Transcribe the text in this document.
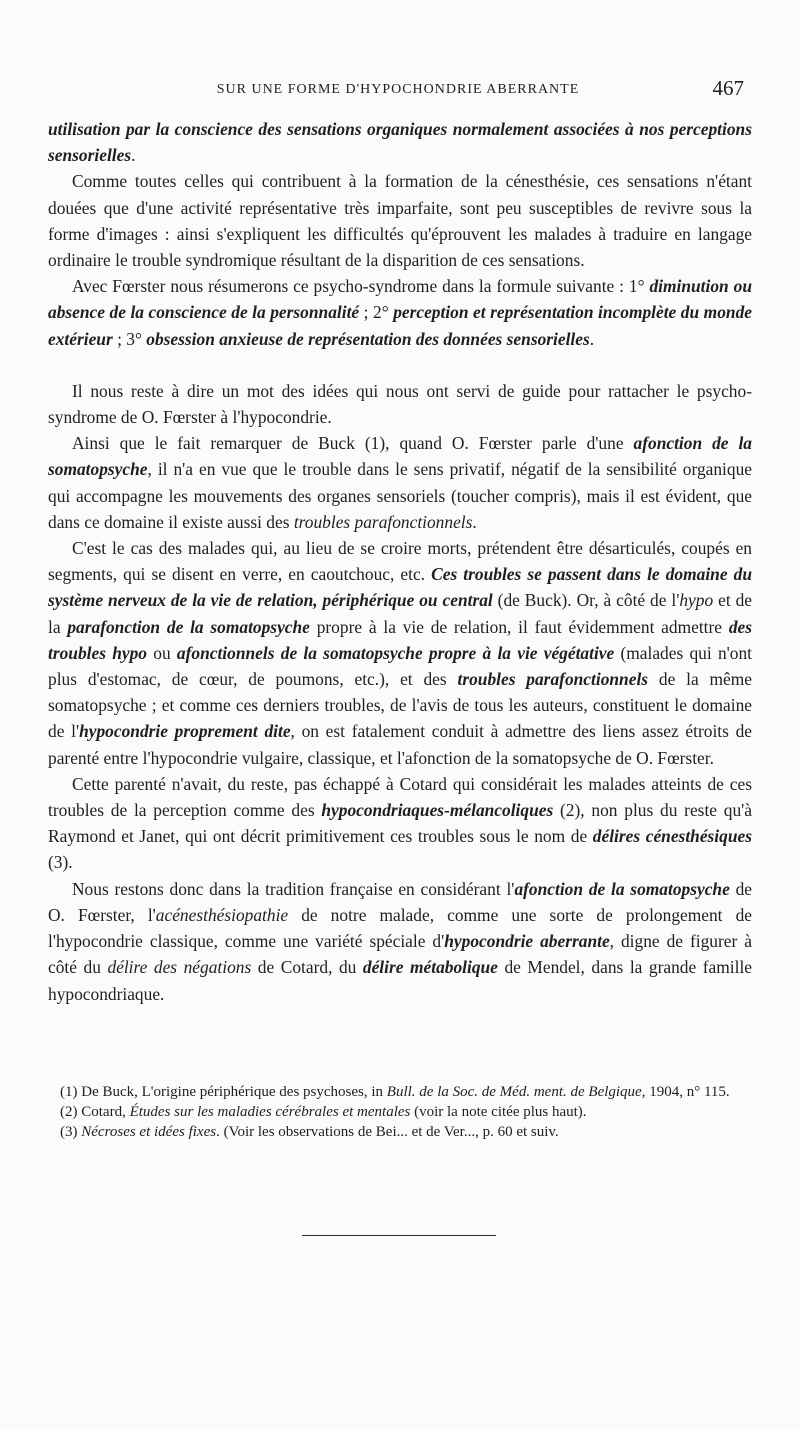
SUR UNE FORME D'HYPOCHONDRIE ABERRANTE	467

utilisation par la conscience des sensations organiques normalement associées à nos perceptions sensorielles.

Comme toutes celles qui contribuent à la formation de la cénesthésie, ces sensations n'étant douées que d'une activité représentative très imparfaite, sont peu susceptibles de revivre sous la forme d'images : ainsi s'expliquent les difficultés qu'éprouvent les malades à traduire en langage ordinaire le trouble syndromique résultant de la disparition de ces sensations.

Avec Fœrster nous résumerons ce psycho-syndrome dans la formule suivante : 1° diminution ou absence de la conscience de la personnalité ; 2° perception et représentation incomplète du monde extérieur ; 3° obsession anxieuse de représentation des données sensorielles.

Il nous reste à dire un mot des idées qui nous ont servi de guide pour rattacher le psycho-syndrome de O. Fœrster à l'hypocondrie.

Ainsi que le fait remarquer de Buck (1), quand O. Fœrster parle d'une afonction de la somatopsyche, il n'a en vue que le trouble dans le sens privatif, négatif de la sensibilité organique qui accompagne les mouvements des organes sensoriels (toucher compris), mais il est évident, que dans ce domaine il existe aussi des troubles parafonctionnels.

C'est le cas des malades qui, au lieu de se croire morts, prétendent être désarticulés, coupés en segments, qui se disent en verre, en caoutchouc, etc. Ces troubles se passent dans le domaine du système nerveux de la vie de relation, périphérique ou central (de Buck). Or, à côté de l'hypo et de la parafonction de la somatopsyche propre à la vie de relation, il faut évidemment admettre des troubles hypo ou afonctionnels de la somatopsyche propre à la vie végétative (malades qui n'ont plus d'estomac, de cœur, de poumons, etc.), et des troubles parafonctionnels de la même somatopsyche ; et comme ces derniers troubles, de l'avis de tous les auteurs, constituent le domaine de l'hypocondrie proprement dite, on est fatalement conduit à admettre des liens assez étroits de parenté entre l'hypocondrie vulgaire, classique, et l'afonction de la somatopsyche de O. Fœrster.

Cette parenté n'avait, du reste, pas échappé à Cotard qui considérait les malades atteints de ces troubles de la perception comme des hypocondriaques-mélancoliques (2), non plus du reste qu'à Raymond et Janet, qui ont décrit primitivement ces troubles sous le nom de délires cénesthésiques (3).

Nous restons donc dans la tradition française en considérant l'afonction de la somatopsyche de O. Fœrster, l'acénesthésiopathie de notre malade, comme une sorte de prolongement de l'hypocondrie classique, comme une variété spéciale d'hypocondrie aberrante, digne de figurer à côté du délire des négations de Cotard, du délire métabolique de Mendel, dans la grande famille hypocondriaque.

(1) De Buck, L'origine périphérique des psychoses, in Bull. de la Soc. de Méd. ment. de Belgique, 1904, n° 115.

(2) Cotard, Études sur les maladies cérébrales et mentales (voir la note citée plus haut).

(3) Nécroses et idées fixes. (Voir les observations de Bei... et de Ver..., p. 60 et suiv.
